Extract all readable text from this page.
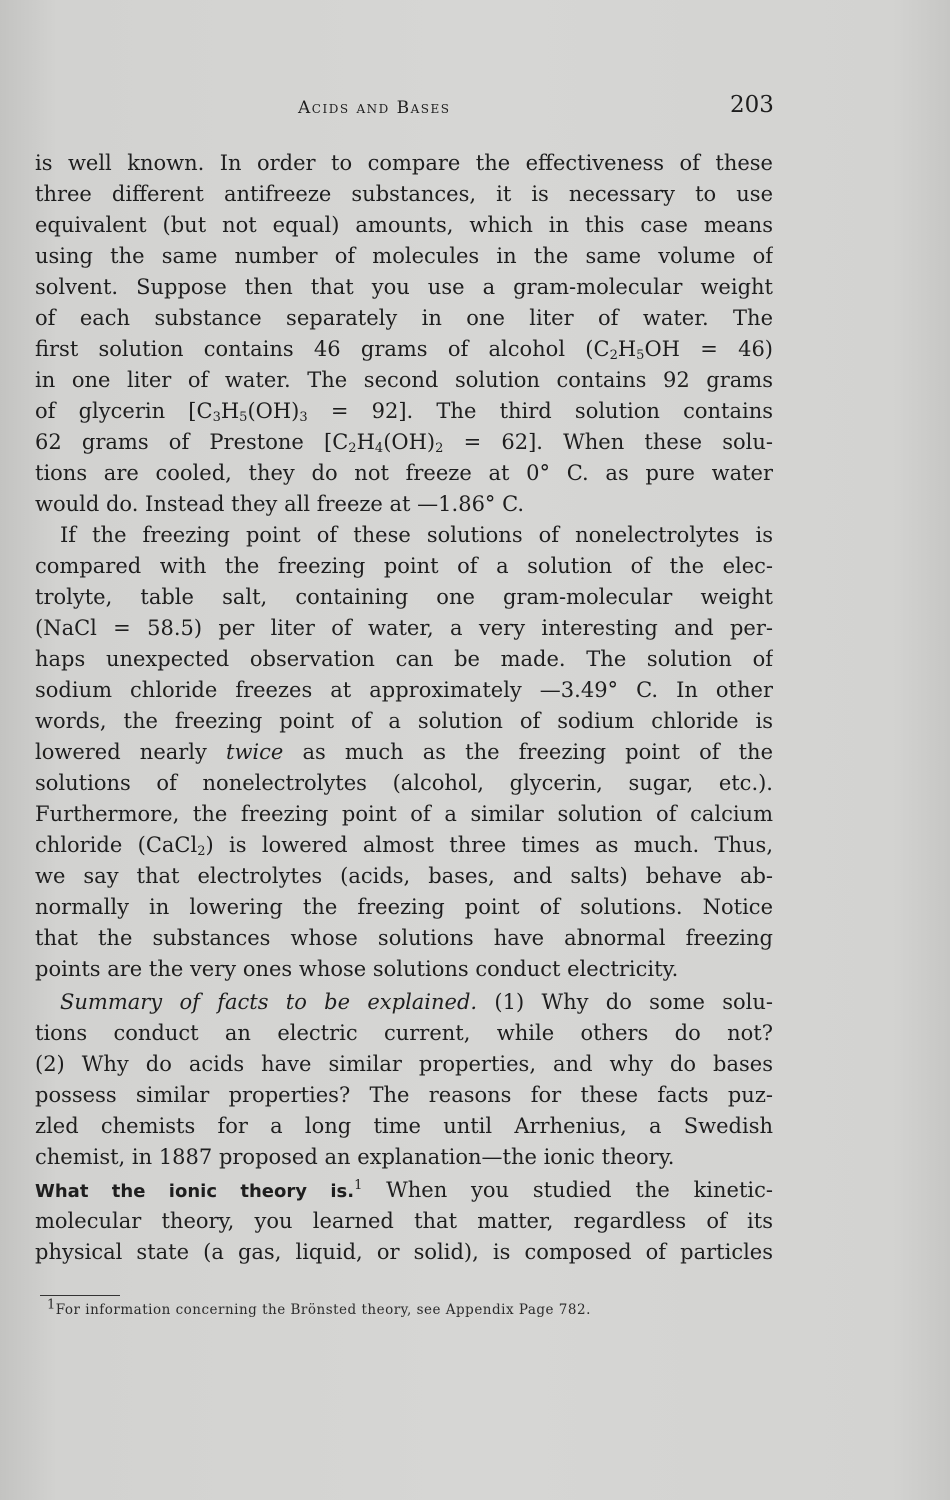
Acids and Bases	203
is well known. In order to compare the effectiveness of these
three different antifreeze substances, it is necessary to use
equivalent (but not equal) amounts, which in this case means
using the same number of molecules in the same volume of
solvent. Suppose then that you use a gram-molecular weight
of each substance separately in one liter of water. The
first solution contains 46 grams of alcohol $(C_2H_5OH = 46)$
in one liter of water. The second solution contains 92 grams
of glycerin $[C_3H_5(OH)_3 = 92]$. The third solution contains
62 grams of Prestone $[C_2H_4(OH)_2 = 62]$. When these solu-
tions are cooled, they do not freeze at 0° C. as pure water
would do. Instead they all freeze at —1.86° C.
If the freezing point of these solutions of nonelectrolytes is
compared with the freezing point of a solution of the elec-
trolyte, table salt, containing one gram-molecular weight
(NaCl = 58.5) per liter of water, a very interesting and per-
haps unexpected observation can be made. The solution of
sodium chloride freezes at approximately —3.49° C. In other
words, the freezing point of a solution of sodium chloride is
lowered nearly twice as much as the freezing point of the
solutions of nonelectrolytes (alcohol, glycerin, sugar, etc.).
Furthermore, the freezing point of a similar solution of calcium
chloride (CaCl$_2$) is lowered almost three times as much. Thus,
we say that electrolytes (acids, bases, and salts) behave ab-
normally in lowering the freezing point of solutions. Notice
that the substances whose solutions have abnormal freezing
points are the very ones whose solutions conduct electricity.
Summary of facts to be explained. (1) Why do some solu-
tions conduct an electric current, while others do not?
(2) Why do acids have similar properties, and why do bases
possess similar properties? The reasons for these facts puz-
zled chemists for a long time until Arrhenius, a Swedish
chemist, in 1887 proposed an explanation—the ionic theory.
What the ionic theory is.$^1$ When you studied the kinetic-
molecular theory, you learned that matter, regardless of its
physical state (a gas, liquid, or solid), is composed of particles
$^1$For information concerning the Brönsted theory, see Appendix Page 782.
